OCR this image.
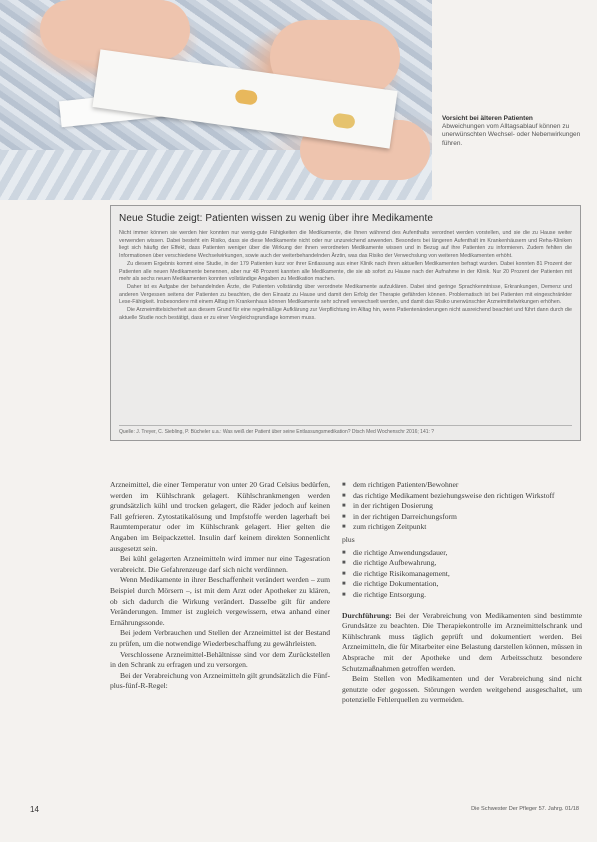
Vorsicht bei älteren Patienten
Abweichungen vom Alltagsablauf können zu unerwünschten Wechsel- oder Nebenwirkungen führen.
Neue Studie zeigt: Patienten wissen zu wenig über ihre Medikamente

Nicht immer können sie werden hier konnten nur wenig-gute Fähigkeiten die Medikamente, die Ihnen während des Aufenthalts verordnet werden vorstellen, und sie die zu Hause weiter verwenden wissen. Dabei besteht ein Risiko, dass sie diese Medikamente nicht oder nur unzureichend anwenden. Besonders bei längeren Aufenthalt im Krankenhäusern und Reha-Kliniken liegt sich häufig der Effekt, dass Patienten weniger über die Wirkung der ihnen verordneten Medikamente wissen und in Bezug auf ihre Patienten zu informieren. Zudem fehlten die Informationen über verschiedene Wechselwirkungen, sowie auch der weiterbehandelnden Ärztin, was das Risiko der Verwechslung von weiteren Medikamenten erhöht.

Zu diesem Ergebnis kommt eine Studie, in der 179 Patienten kurz vor ihrer Entlassung aus einer Klinik nach ihren aktuellen Medikamenten befragt wurden. Dabei konnten 81 Prozent der Patienten alle neuen Medikamente benennen, aber nur 48 Prozent kannten alle Medikamente, die sie ab sofort zu Hause nach der Aufnahme in der Klinik. Nur 20 Prozent der Patienten mit mehr als sechs neuen Medikamenten konnten vollständige Angaben zu Medikation machen.

Daher ist es Aufgabe der behandelnden Ärzte, die Patienten vollständig über verordnete Medikamente aufzuklären. Dabei sind geringe Sprachkenntnisse, Erkrankungen, Demenz und anderen Vergessen seitens der Patienten zu beachten, die den Einsatz zu Hause und damit den Erfolg der Therapie gefährden können. Problematisch ist bei Patienten mit eingeschränkter Lese-Fähigkeit. Insbesondere mit einem Alltag im Krankenhaus können Medikamente sehr schnell verwechselt werden, und damit das Risiko unerwünschter Arzneimittelwirkungen erhöhen.

Die Arzneimittelsicherheit aus diesem Grund für eine regelmäßige Aufklärung zur Verpflichtung im Alltag hin, wenn Patientenänderungen nicht ausreichend beachtet und führt dann durch die aktuelle Studie noch bestätigt, dass er zu einer Vergleichsgrundlage kommen muss.

Quelle: J. Treyer, C. Siebling, P. Bücheler u.a.: Was weiß der Patient über seine Entlassungsmedikation? Dtsch Med Wochenschr 2016; 141: ?

Arzneimittel, die einer Temperatur von unter 20 Grad Celsius bedürfen, werden im Kühlschrank gelagert. Kühlschrankmengen werden grundsätzlich kühl und trocken gelagert, die Räder jedoch auf keinen Fall gefrieren. Zytostatikalösung und Impfstoffe werden lagerhaft bei Raumtemperatur oder im Kühlschrank gelagert. Hier gelten die Angaben im Beipackzettel. Insulin darf keinem direkten Sonnenlicht ausgesetzt sein.

Bei kühl gelagerten Arzneimitteln wird immer nur eine Tagesration verabreicht. Die Gefahrenzeuge darf sich nicht verdünnen.

Wenn Medikamente in ihrer Beschaffenheit verändert werden – zum Beispiel durch Mörsern –, ist mit dem Arzt oder Apotheker zu klären, ob sich dadurch die Wirkung verändert. Dasselbe gilt für andere Veränderungen. Immer ist zugleich vergewissern, etwa anhand einer Ernährungssonde.

Bei jedem Verbrauchen und Stellen der Arzneimittel ist der Bestand zu prüfen, um die notwendige Wiederbeschaffung zu gewährleisten.

Verschlossene Arzneimittel-Behältnisse sind vor dem Zurückstellen in den Schrank zu erfragen und zu versorgen.

Bei der Verabreichung von Arzneimitteln gilt grundsätzlich die Fünf-plus-fünf-R-Regel:

■ dem richtigen Patienten/Bewohner
■ das richtige Medikament beziehungsweise den richtigen Wirkstoff
■ in der richtigen Dosierung
■ in der richtigen Darreichungsform
■ zum richtigen Zeitpunkt
plus
■ die richtige Anwendungsdauer,
■ die richtige Aufbewahrung,
■ die richtige Risikomanagement,
■ die richtige Dokumentation,
■ die richtige Entsorgung.

Durchführung: Bei der Verabreichung von Medikamenten sind bestimmte Grundsätze zu beachten. Die Therapiekontrolle im Arzneimittelschrank und Kühlschrank muss täglich geprüft und dokumentiert werden. Bei Arzneimitteln, die für Mitarbeiter eine Belastung darstellen können, müssen in Absprache mit der Apotheke und dem Arbeitsschutz besondere Schutzmaßnahmen getroffen werden.

Beim Stellen von Medikamenten und der Verabreichung sind nicht genutzte oder gegossen. Störungen werden weitgehend ausgeschaltet, um potenzielle Fehlerquellen zu vermeiden.

14	Die Schwester Der Pfleger 57. Jahrg. 01/18
